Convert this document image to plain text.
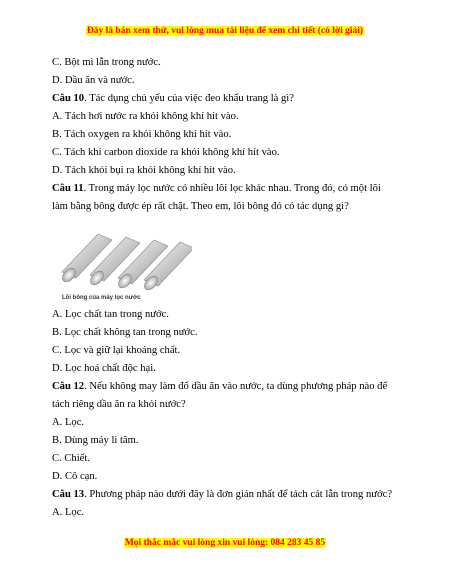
Đây là bản xem thử, vui lòng mua tài liệu để xem chi tiết (có lời giải)
C. Bột mì lẫn trong nước.
D. Dầu ăn và nước.
Câu 10. Tác dụng chủ yếu của việc đeo khẩu trang là gì?
A. Tách hơi nước ra khỏi không khí hít vào.
B. Tách oxygen ra khỏi không khí hít vào.
C. Tách khí carbon dioxide ra khỏi không khí hít vào.
D. Tách khói bụi ra khỏi không khí hít vào.
Câu 11. Trong máy lọc nước có nhiều lõi lọc khác nhau. Trong đó, có một lõi
làm bằng bông được ép rất chặt. Theo em, lõi bông đó có tác dụng gì?
Lõi bông của máy lọc nước
A. Lọc chất tan trong nước.
B. Lọc chất không tan trong nước.
C. Lọc và giữ lại khoáng chất.
D. Lọc hoá chất độc hại.
Câu 12. Nếu không may làm đổ dầu ăn vào nước, ta dùng phương pháp nào để
tách riêng dầu ăn ra khỏi nước?
A. Lọc.
B. Dùng máy li tâm.
C. Chiết.
D. Cô cạn.
Câu 13. Phương pháp nào dưới đây là đơn giản nhất để tách cát lẫn trong nước?
A. Lọc.
Mọi thắc mắc vui lòng xin vui lòng: 084 283 45 85
